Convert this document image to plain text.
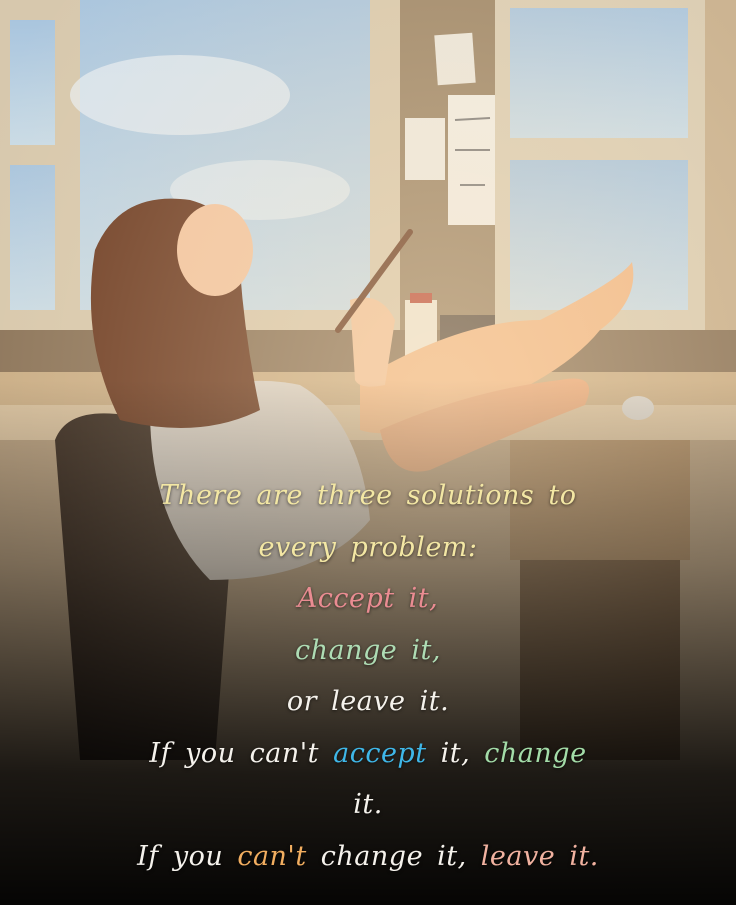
There are three solutions to
every problem:
Accept it,
change it,
or leave it.
If you can't accept it, change
it.
If you can't change it, leave it.
